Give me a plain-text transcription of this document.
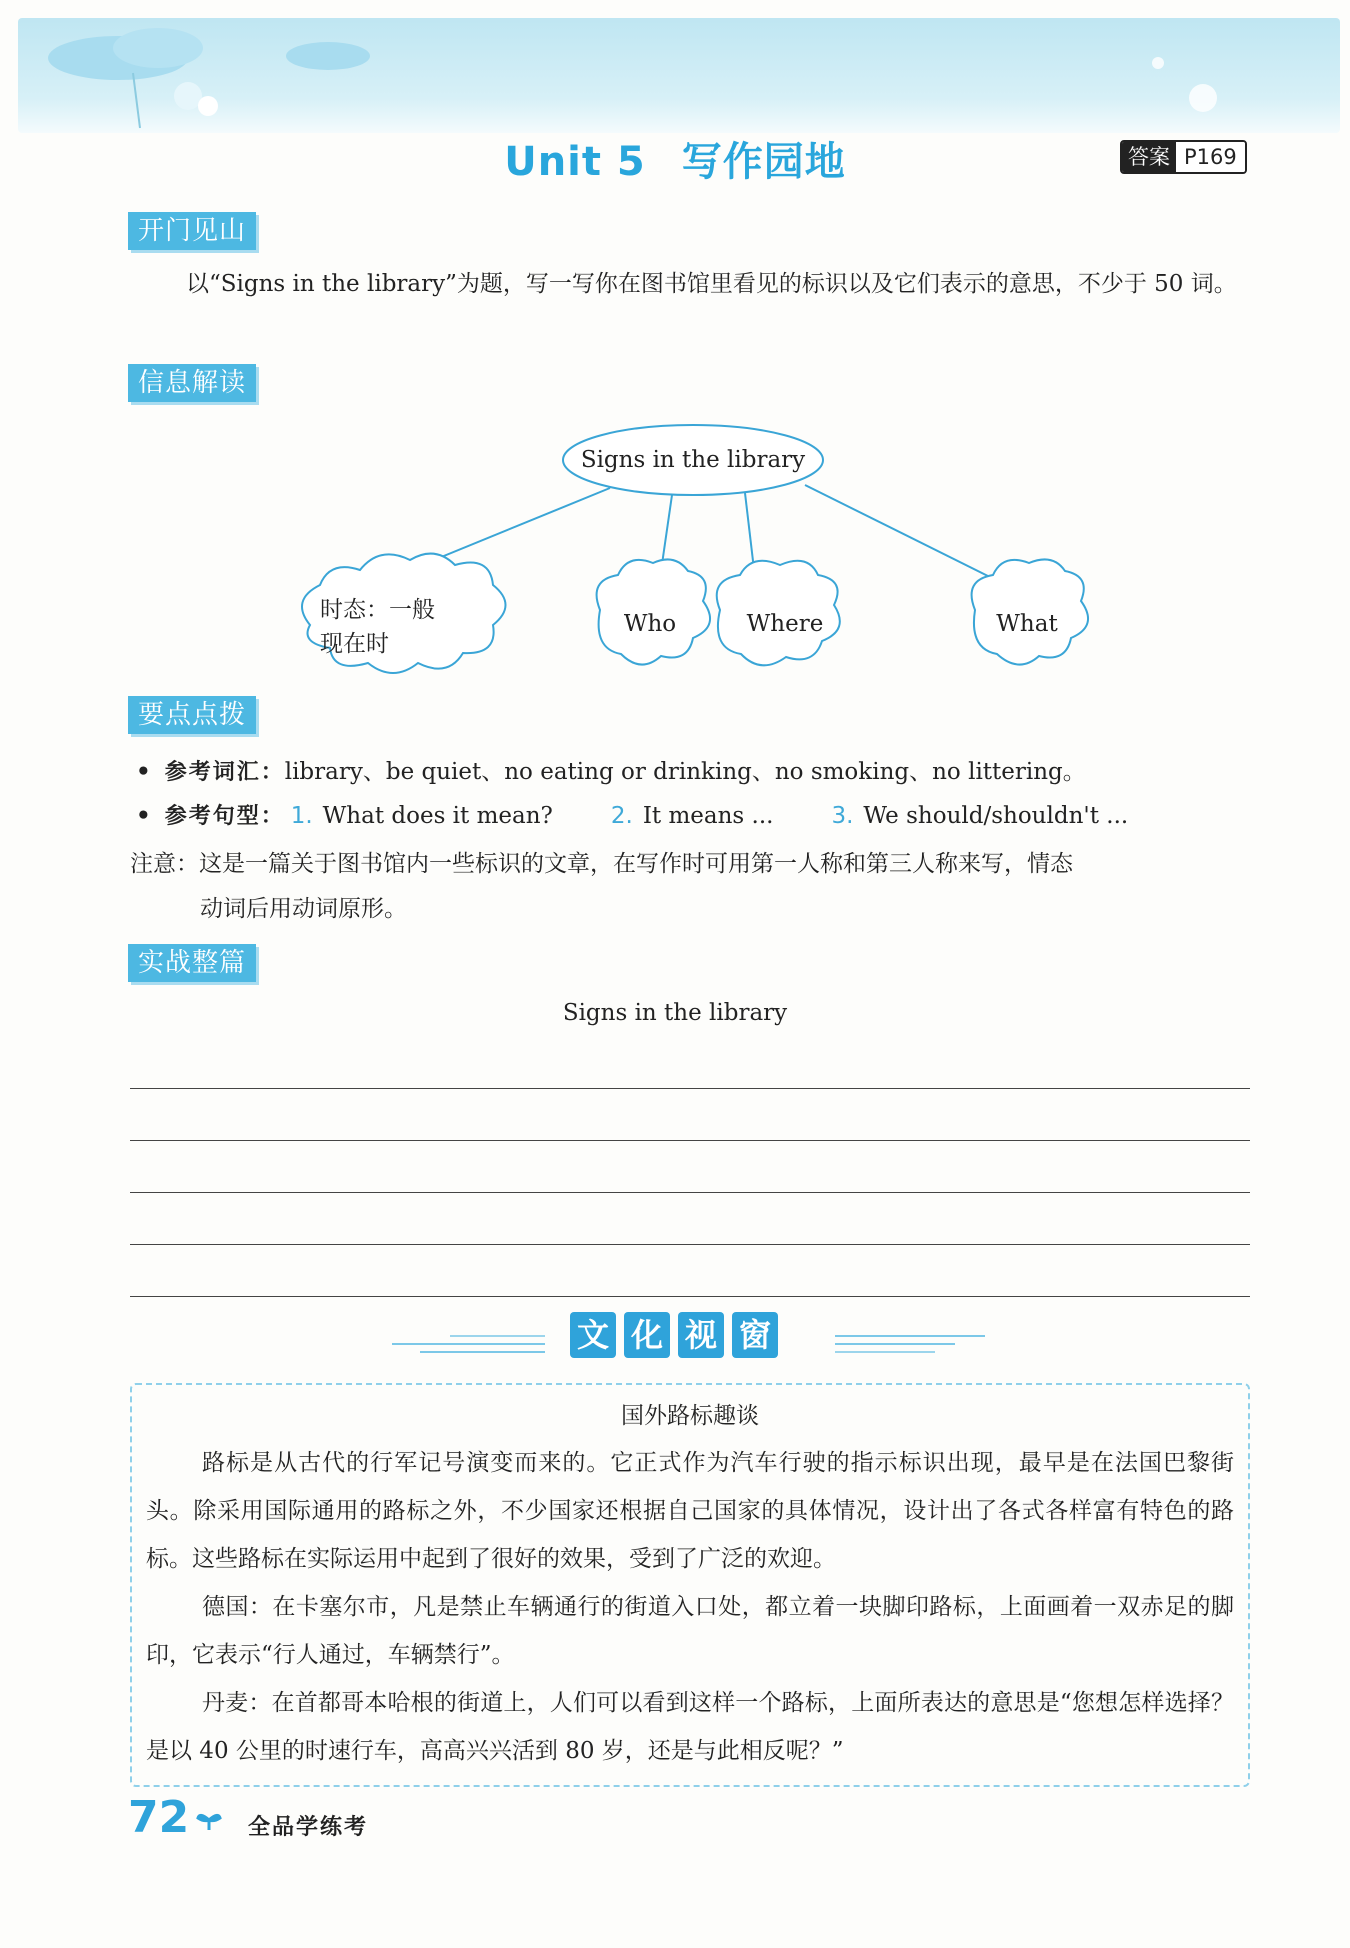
Unit 5 写作园地	答案 P169
开门见山
以“Signs in the library”为题，写一写你在图书馆里看见的标识以及它们表示的意思，不少于 50 词。
信息解读
Signs in the library
时态：一般
现在时
Who	Where	What
要点点拨
• 参考词汇：library、be quiet、no eating or drinking、no smoking、no littering。
• 参考句型： 1. What does it mean?	2. It means ...	3. We should/shouldn't ...
注意：这是一篇关于图书馆内一些标识的文章，在写作时可用第一人称和第三人称来写，情态
动词后用动词原形。
实战整篇
Signs in the library
文 化 视 窗
国外路标趣谈
路标是从古代的行军记号演变而来的。它正式作为汽车行驶的指示标识出现，最早是在法国巴黎街头。除采用国际通用的路标之外，不少国家还根据自己国家的具体情况，设计出了各式各样富有特色的路标。这些路标在实际运用中起到了很好的效果，受到了广泛的欢迎。
德国：在卡塞尔市，凡是禁止车辆通行的街道入口处，都立着一块脚印路标，上面画着一双赤足的脚印，它表示“行人通过，车辆禁行”。
丹麦：在首都哥本哈根的街道上，人们可以看到这样一个路标，上面所表达的意思是“您想怎样选择？是以 40 公里的时速行车，高高兴兴活到 80 岁，还是与此相反呢？”
72	全品学练考
